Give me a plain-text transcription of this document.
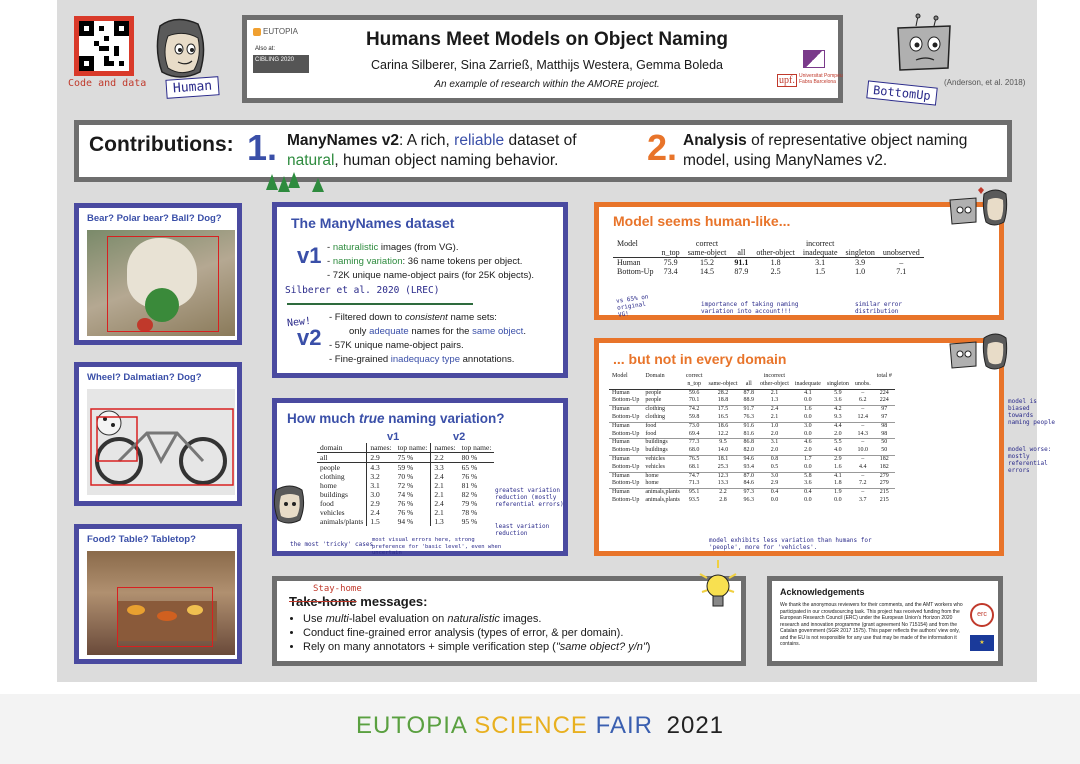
Code and data	Human
EUTOPIA
Also at:
CIBLING 2020
Humans Meet Models on Object Naming
Carina Silberer, Sina Zarrieß, Matthijs Westera, Gemma Boleda
An example of research within the AMORE project.	upf. Universitat Pompeu Fabra Barcelona
BottomUp
(Anderson, et al. 2018)
Contributions: 1. ManyNames v2: A rich, reliable dataset of
natural, human object naming behavior.	2. Analysis of representative object naming
model, using ManyNames v2.
Bear? Polar bear? Ball? Dog?
Wheel? Dalmatian? Dog?
Food? Table? Tabletop?
The ManyNames dataset
v1 - naturalistic images (from VG).
- naming variation: 36 name tokens per object.
- 72K unique name-object pairs (for 25K objects).
Silberer et al. 2020 (LREC)
New!
v2
- Filtered down to consistent name sets:
only adequate names for the same object.
- 57K unique name-object pairs.
- Fine-grained inadequacy type annotations.
How much true naming variation?
v1	v2
domain	names:	top name:	names:	top name:
all	2.9	75 %	2.2	80 %
people	4.3	59 %	3.3	65 %
clothing	3.2	70 %	2.4	76 %
home	3.1	72 %	2.1	81 %
buildings	3.0	74 %	2.1	82 %
food	2.9	76 %	2.4	79 %
vehicles	2.4	76 %	2.1	78 %
animals/plants	1.5	94 %	1.3	95 %
greatest variation reduction (mostly referential errors)
least variation reduction
the most 'tricky' cases
most visual errors here, strong preference for 'basic level', even when uncertain
Model seems human-like...
Model		correct			incorrect		
	n_top	same-object	all	other-object	inadequate	singleton	unobserved
Human	75.9	15.2	91.1	1.8	3.1	3.9	–
Bottom-Up	73.4	14.5	87.9	2.5	1.5	1.0	7.1
vs 65% on original VG!
importance of taking naming variation into account!!!
similar error distribution
... but not in every domain
Model	Domain	correct			incorrect				total #
		n_top	same-object	all	other-object	inadequate	singleton	unobs.	
Human	people	59.6	28.2	87.8	2.1	4.1	5.9	–	224
Bottom-Up	people	70.1	18.8	88.9	1.3	0.0	3.6	6.2	224
Human	clothing	74.2	17.5	91.7	2.4	1.6	4.2	–	97
Bottom-Up	clothing	59.8	16.5	76.3	2.1	0.0	9.3	12.4	97
Human	food	73.0	18.6	91.6	1.0	3.0	4.4	–	98
Bottom-Up	food	69.4	12.2	81.6	2.0	0.0	2.0	14.3	98
Human	buildings	77.3	9.5	86.8	3.1	4.6	5.5	–	50
Bottom-Up	buildings	68.0	14.0	82.0	2.0	2.0	4.0	10.0	50
Human	vehicles	76.5	18.1	94.6	0.8	1.7	2.9	–	182
Bottom-Up	vehicles	68.1	25.3	93.4	0.5	0.0	1.6	4.4	182
Human	home	74.7	12.3	87.0	3.0	5.8	4.1	–	279
Bottom-Up	home	71.3	13.3	84.6	2.9	3.6	1.8	7.2	279
Human	animals,plants	95.1	2.2	97.3	0.4	0.4	1.9	–	215
Bottom-Up	animals,plants	93.5	2.8	96.3	0.0	0.0	0.0	3.7	215
model exhibits less variation than humans for 'people', more for 'vehicles'.
model is biased towards naming people
model worse: mostly referential errors
Stay-home
Take-home messages:
• Use multi-label evaluation on naturalistic images.
• Conduct fine-grained error analysis (types of error, & per domain).
• Rely on many annotators + simple verification step ("same object? y/n")
Acknowledgements
We thank the anonymous reviewers for their comments, and the AMT workers who participated in our crowdsourcing task. This project has received funding from the European Research Council (ERC) under the European Union's Horizon 2020 research and innovation programme (grant agreement No 715154) and from the Catalan government (SGR 2017 1575). This paper reflects the authors' view only, and the EU is not responsible for any use that may be made of the information it contains.
erc
★
EUTOPIA SCIENCE FAIR 2021
